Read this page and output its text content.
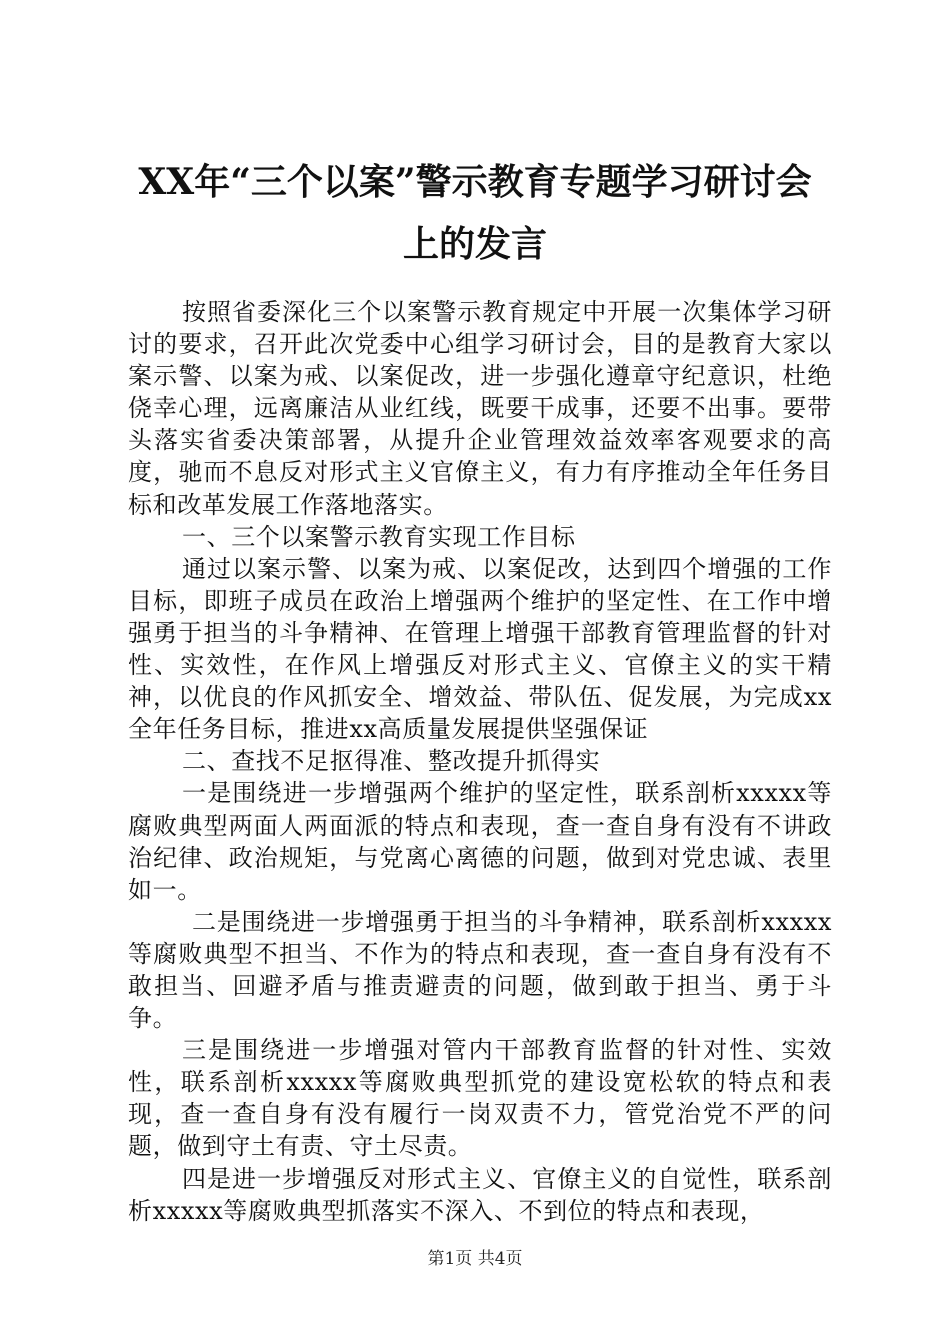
XX年“三个以案”警示教育专题学习研讨会
上的发言

按照省委深化三个以案警示教育规定中开展一次集体学习研讨的要求，召开此次党委中心组学习研讨会，目的是教育大家以案示警、以案为戒、以案促改，进一步强化遵章守纪意识，杜绝侥幸心理，远离廉洁从业红线，既要干成事，还要不出事。要带头落实省委决策部署，从提升企业管理效益效率客观要求的高度，驰而不息反对形式主义官僚主义，有力有序推动全年任务目标和改革发展工作落地落实。

一、三个以案警示教育实现工作目标

通过以案示警、以案为戒、以案促改，达到四个增强的工作目标，即班子成员在政治上增强两个维护的坚定性、在工作中增强勇于担当的斗争精神、在管理上增强干部教育管理监督的针对性、实效性，在作风上增强反对形式主义、官僚主义的实干精神，以优良的作风抓安全、增效益、带队伍、促发展，为完成xx全年任务目标，推进xx高质量发展提供坚强保证

二、查找不足抠得准、整改提升抓得实

一是围绕进一步增强两个维护的坚定性，联系剖析xxxxx等腐败典型两面人两面派的特点和表现，查一查自身有没有不讲政治纪律、政治规矩，与党离心离德的问题，做到对党忠诚、表里如一。

二是围绕进一步增强勇于担当的斗争精神，联系剖析xxxxx等腐败典型不担当、不作为的特点和表现，查一查自身有没有不敢担当、回避矛盾与推责避责的问题，做到敢于担当、勇于斗争。

三是围绕进一步增强对管内干部教育监督的针对性、实效性，联系剖析xxxxx等腐败典型抓党的建设宽松软的特点和表现，查一查自身有没有履行一岗双责不力，管党治党不严的问题，做到守土有责、守土尽责。

四是进一步增强反对形式主义、官僚主义的自觉性，联系剖析xxxxx等腐败典型抓落实不深入、不到位的特点和表现，

第1页 共4页
